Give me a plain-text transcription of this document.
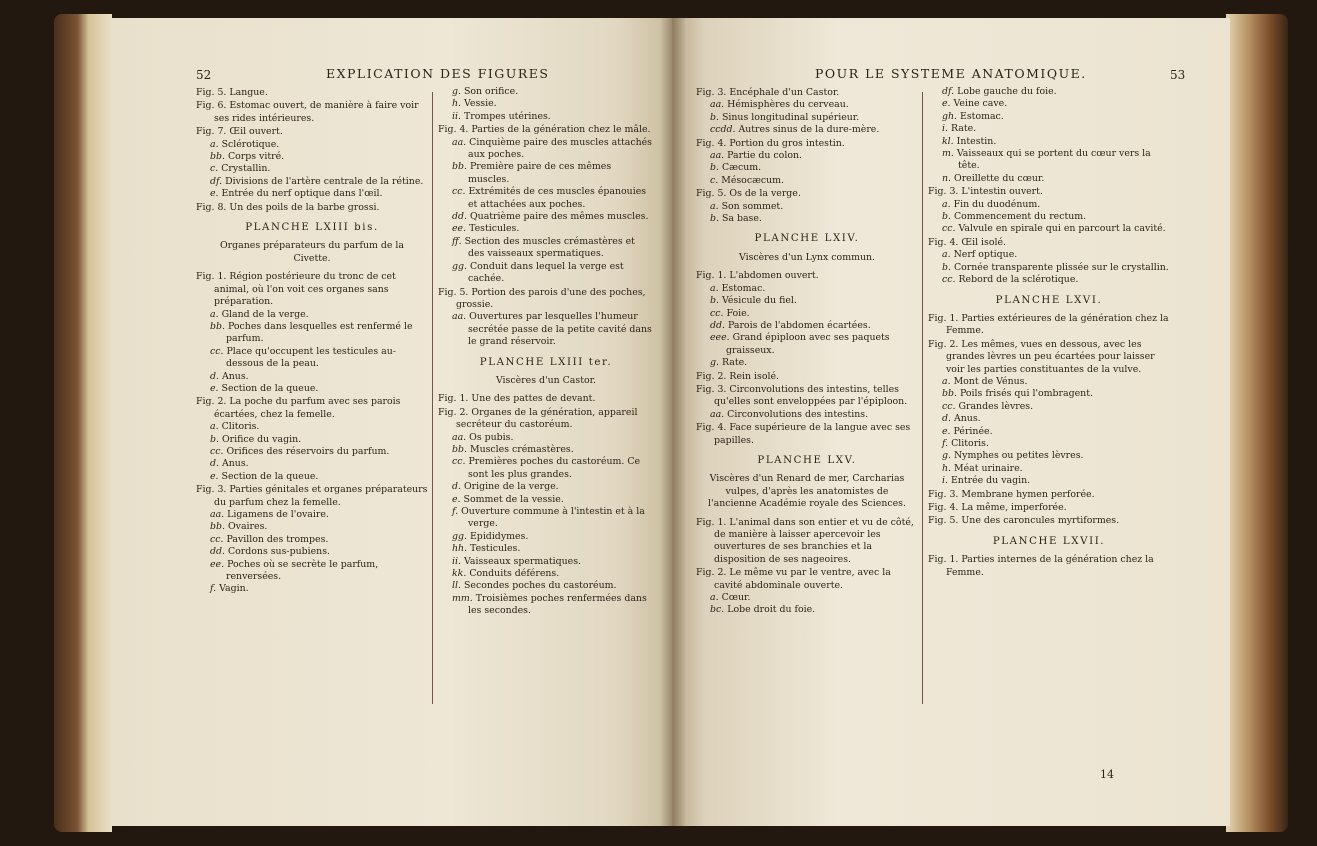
52	EXPLICATION DES FIGURES	POUR LE SYSTEME ANATOMIQUE.	53
Fig. 5. Langue.
Fig. 6. Estomac ouvert, de manière à faire voir ses rides intérieures.
Fig. 7. Œil ouvert.
a. Sclérotique.
bb. Corps vitré.
c. Crystallin.
df. Divisions de l'artère centrale de la rétine.
e. Entrée du nerf optique dans l'œil.
Fig. 8. Un des poils de la barbe grossi.
PLANCHE LXIII bis.
Organes préparateurs du parfum de la Civette.
Fig. 1. Région postérieure du tronc de cet animal, où l'on voit ces organes sans préparation.
a. Gland de la verge.
bb. Poches dans lesquelles est renfermé le parfum.
cc. Place qu'occupent les testicules au-dessous de la peau.
d. Anus.
e. Section de la queue.
Fig. 2. La poche du parfum avec ses parois écartées, chez la femelle.
a. Clitoris.
b. Orifice du vagin.
cc. Orifices des réservoirs du parfum.
d. Anus.
e. Section de la queue.
Fig. 3. Parties génitales et organes préparateurs du parfum chez la femelle.
aa. Ligamens de l'ovaire.
bb. Ovaires.
cc. Pavillon des trompes.
dd. Cordons sus-pubiens.
ee. Poches où se secrète le parfum, renversées.
f. Vagin.
g. Son orifice.
h. Vessie.
ii. Trompes utérines.
Fig. 4. Parties de la génération chez le mâle.
aa. Cinquième paire des muscles attachés aux poches.
bb. Première paire de ces mêmes muscles.
cc. Extrémités de ces muscles épanouies et attachées aux poches.
dd. Quatrième paire des mêmes muscles.
ee. Testicules.
ff. Section des muscles crémastères et des vaisseaux spermatiques.
gg. Conduit dans lequel la verge est cachée.
Fig. 5. Portion des parois d'une des poches, grossie.
aa. Ouvertures par lesquelles l'humeur secrétée passe de la petite cavité dans le grand réservoir.
PLANCHE LXIII ter.
Viscères d'un Castor.
Fig. 1. Une des pattes de devant.
Fig. 2. Organes de la génération, appareil secréteur du castoréum.
aa. Os pubis.
bb. Muscles crémastères.
cc. Premières poches du castoréum. Ce sont les plus grandes.
d. Origine de la verge.
e. Sommet de la vessie.
f. Ouverture commune à l'intestin et à la verge.
gg. Epididymes.
hh. Testicules.
ii. Vaisseaux spermatiques.
kk. Conduits déférens.
ll. Secondes poches du castoréum.
mm. Troisièmes poches renfermées dans les secondes.
Fig. 3. Encéphale d'un Castor.
aa. Hémisphères du cerveau.
b. Sinus longitudinal supérieur.
ccdd. Autres sinus de la dure-mère.
Fig. 4. Portion du gros intestin.
aa. Partie du colon.
b. Cæcum.
c. Mésocæcum.
Fig. 5. Os de la verge.
a. Son sommet.
b. Sa base.
PLANCHE LXIV.
Viscères d'un Lynx commun.
Fig. 1. L'abdomen ouvert.
a. Estomac.
b. Vésicule du fiel.
cc. Foie.
dd. Parois de l'abdomen écartées.
eee. Grand épiploon avec ses paquets graisseux.
g. Rate.
Fig. 2. Rein isolé.
Fig. 3. Circonvolutions des intestins, telles qu'elles sont enveloppées par l'épiploon.
aa. Circonvolutions des intestins.
Fig. 4. Face supérieure de la langue avec ses papilles.
PLANCHE LXV.
Viscères d'un Renard de mer, Carcharias vulpes, d'après les anatomistes de l'ancienne Académie royale des Sciences.
Fig. 1. L'animal dans son entier et vu de côté, de manière à laisser apercevoir les ouvertures de ses branchies et la disposition de ses nageoires.
Fig. 2. Le même vu par le ventre, avec la cavité abdominale ouverte.
a. Cœur.
bc. Lobe droit du foie.
df. Lobe gauche du foie.
e. Veine cave.
gh. Estomac.
i. Rate.
kl. Intestin.
m. Vaisseaux qui se portent du cœur vers la tête.
n. Oreillette du cœur.
Fig. 3. L'intestin ouvert.
a. Fin du duodénum.
b. Commencement du rectum.
cc. Valvule en spirale qui en parcourt la cavité.
Fig. 4. Œil isolé.
a. Nerf optique.
b. Cornée transparente plissée sur le crystallin.
cc. Rebord de la sclérotique.
PLANCHE LXVI.
Fig. 1. Parties extérieures de la génération chez la Femme.
Fig. 2. Les mêmes, vues en dessous, avec les grandes lèvres un peu écartées pour laisser voir les parties constituantes de la vulve.
a. Mont de Vénus.
bb. Poils frisés qui l'ombragent.
cc. Grandes lèvres.
d. Anus.
e. Périnée.
f. Clitoris.
g. Nymphes ou petites lèvres.
h. Méat urinaire.
i. Entrée du vagin.
Fig. 3. Membrane hymen perforée.
Fig. 4. La même, imperforée.
Fig. 5. Une des caroncules myrtiformes.
PLANCHE LXVII.
Fig. 1. Parties internes de la génération chez la Femme.
14
